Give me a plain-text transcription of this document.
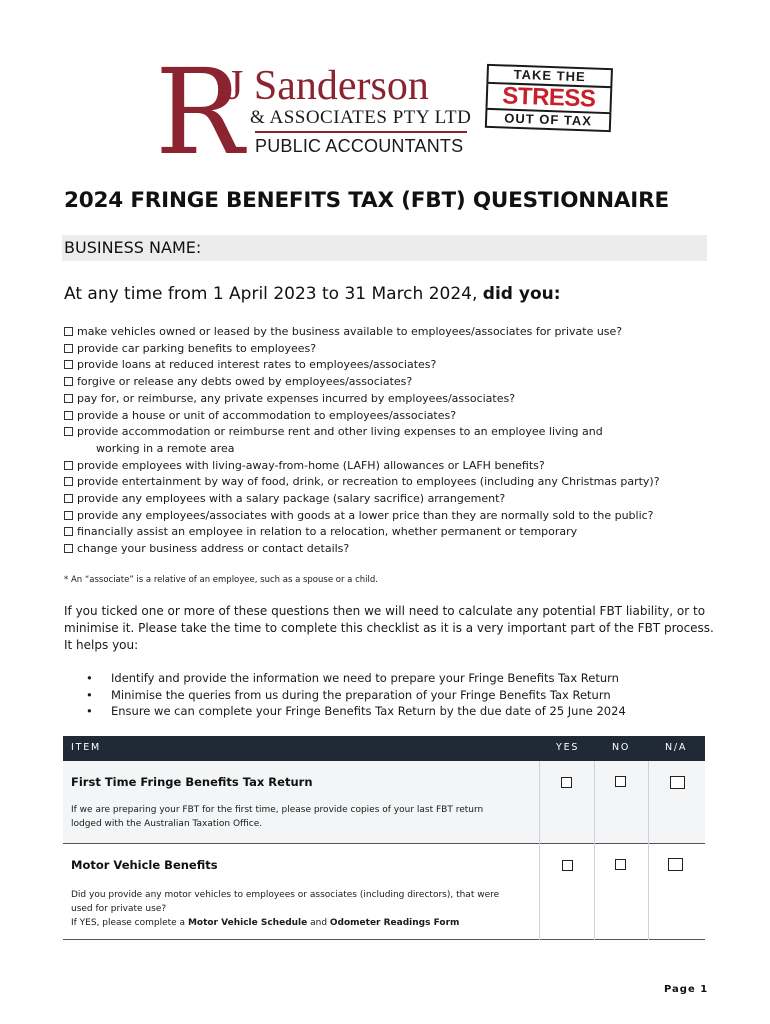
R
J Sanderson
& ASSOCIATES PTY LTD
PUBLIC ACCOUNTANTS
TAKE THE
STRESS
OUT OF TAX
2024 FRINGE BENEFITS TAX (FBT) QUESTIONNAIRE
BUSINESS NAME:
At any time from 1 April 2023 to 31 March 2024, did you:
make vehicles owned or leased by the business available to employees/associates for private use?
provide car parking benefits to employees?
provide loans at reduced interest rates to employees/associates?
forgive or release any debts owed by employees/associates?
pay for, or reimburse, any private expenses incurred by employees/associates?
provide a house or unit of accommodation to employees/associates?
provide accommodation or reimburse rent and other living expenses to an employee living and
working in a remote area
provide employees with living-away-from-home (LAFH) allowances or LAFH benefits?
provide entertainment by way of food, drink, or recreation to employees (including any Christmas party)?
provide any employees with a salary package (salary sacrifice) arrangement?
provide any employees/associates with goods at a lower price than they are normally sold to the public?
financially assist an employee in relation to a relocation, whether permanent or temporary
change your business address or contact details?
* An “associate” is a relative of an employee, such as a spouse or a child.

If you ticked one or more of these questions then we will need to calculate any potential FBT liability, or to minimise it. Please take the time to complete this checklist as it is a very important part of the FBT process. It helps you:

• Identify and provide the information we need to prepare your Fringe Benefits Tax Return
• Minimise the queries from us during the preparation of your Fringe Benefits Tax Return
• Ensure we can complete your Fringe Benefits Tax Return by the due date of 25 June 2024
ITEM	YES	NO	N/A
First Time Fringe Benefits Tax Return
If we are preparing your FBT for the first time, please provide copies of your last FBT return
lodged with the Australian Taxation Office.
Motor Vehicle Benefits
Did you provide any motor vehicles to employees or associates (including directors), that were
used for private use?
If YES, please complete a Motor Vehicle Schedule and Odometer Readings Form
Page 1
